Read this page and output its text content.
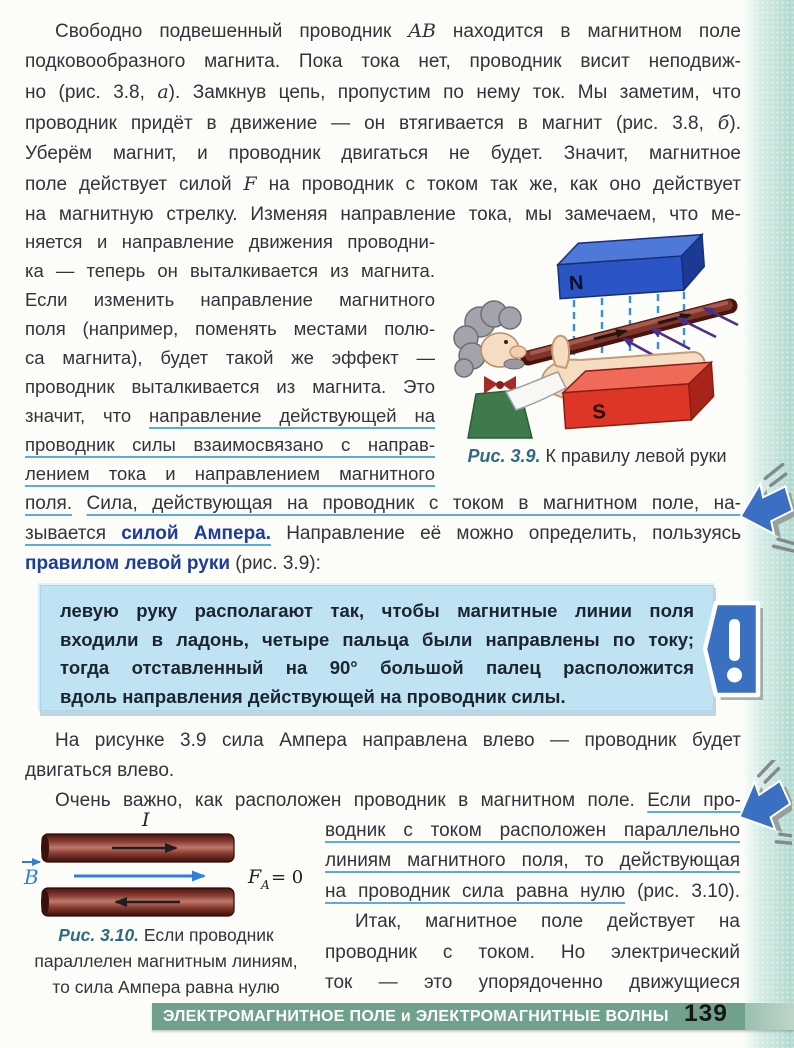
Свободно подвешенный проводник AB находится в магнитном поле
подковообразного магнита. Пока тока нет, проводник висит неподвиж-
но (рис. 3.8, а). Замкнув цепь, пропустим по нему ток. Мы заметим, что
проводник придёт в движение — он втягивается в магнит (рис. 3.8, б).
Уберём магнит, и проводник двигаться не будет. Значит, магнитное
поле действует силой F на проводник с током так же, как оно действует
на магнитную стрелку. Изменяя направление тока, мы замечаем, что ме-
няется и направление движения проводни-
ка — теперь он выталкивается из магнита.
Если изменить направление магнитного
поля (например, поменять местами полю-
са магнита), будет такой же эффект —
проводник выталкивается из магнита. Это
значит, что направление действующей на
проводник силы взаимосвязано с направ-
лением тока и направлением магнитного
N
S
Рис. 3.9. К правилу левой руки
поля. Сила, действующая на проводник с током в магнитном поле, на-
зывается силой Ампера. Направление её можно определить, пользуясь
правилом левой руки (рис. 3.9):
левую руку располагают так, чтобы магнитные линии поля
входили в ладонь, четыре пальца были направлены по току;
тогда отставленный на 90° большой палец расположится
вдоль направления действующей на проводник силы.
На рисунке 3.9 сила Ампера направлена влево — проводник будет
двигаться влево.
Очень важно, как расположен проводник в магнитном поле. Если про-
I
B	F A = 0
Рис. 3.10. Если проводник
параллелен магнитным линиям,
то сила Ампера равна нулю
водник с током расположен параллельно
линиям магнитного поля, то действующая
на проводник сила равна нулю (рис. 3.10).
Итак, магнитное поле действует на
проводник с током. Но электрический
ток — это упорядоченно движущиеся
ЭЛЕКТРОМАГНИТНОЕ ПОЛЕ и ЭЛЕКТРОМАГНИТНЫЕ ВОЛНЫ 139
